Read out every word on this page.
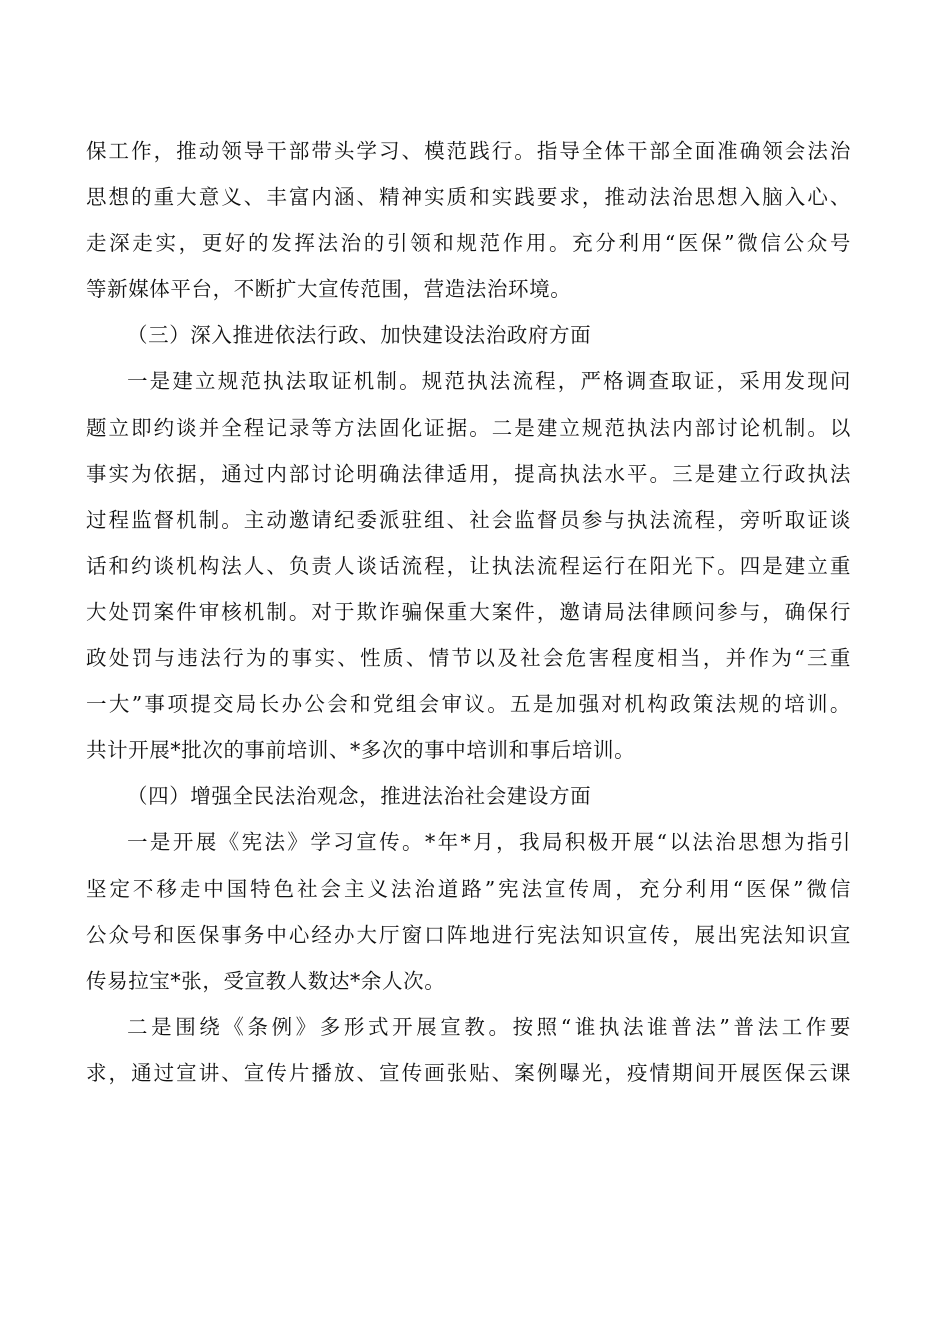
保工作，推动领导干部带头学习、模范践行。指导全体干部全面准确领会法治
思想的重大意义、丰富内涵、精神实质和实践要求，推动法治思想入脑入心、
走深走实，更好的发挥法治的引领和规范作用。充分利用“医保”微信公众号
等新媒体平台，不断扩大宣传范围，营造法治环境。
（三）深入推进依法行政、加快建设法治政府方面
一是建立规范执法取证机制。规范执法流程，严格调查取证，采用发现问
题立即约谈并全程记录等方法固化证据。二是建立规范执法内部讨论机制。以
事实为依据，通过内部讨论明确法律适用，提高执法水平。三是建立行政执法
过程监督机制。主动邀请纪委派驻组、社会监督员参与执法流程，旁听取证谈
话和约谈机构法人、负责人谈话流程，让执法流程运行在阳光下。四是建立重
大处罚案件审核机制。对于欺诈骗保重大案件，邀请局法律顾问参与，确保行
政处罚与违法行为的事实、性质、情节以及社会危害程度相当，并作为“三重
一大”事项提交局长办公会和党组会审议。五是加强对机构政策法规的培训。
共计开展*批次的事前培训、*多次的事中培训和事后培训。
（四）增强全民法治观念，推进法治社会建设方面
一是开展《宪法》学习宣传。*年*月，我局积极开展“以法治思想为指引
坚定不移走中国特色社会主义法治道路”宪法宣传周，充分利用“医保”微信
公众号和医保事务中心经办大厅窗口阵地进行宪法知识宣传，展出宪法知识宣
传易拉宝*张，受宣教人数达*余人次。
二是围绕《条例》多形式开展宣教。按照“谁执法谁普法”普法工作要
求，通过宣讲、宣传片播放、宣传画张贴、案例曝光，疫情期间开展医保云课
